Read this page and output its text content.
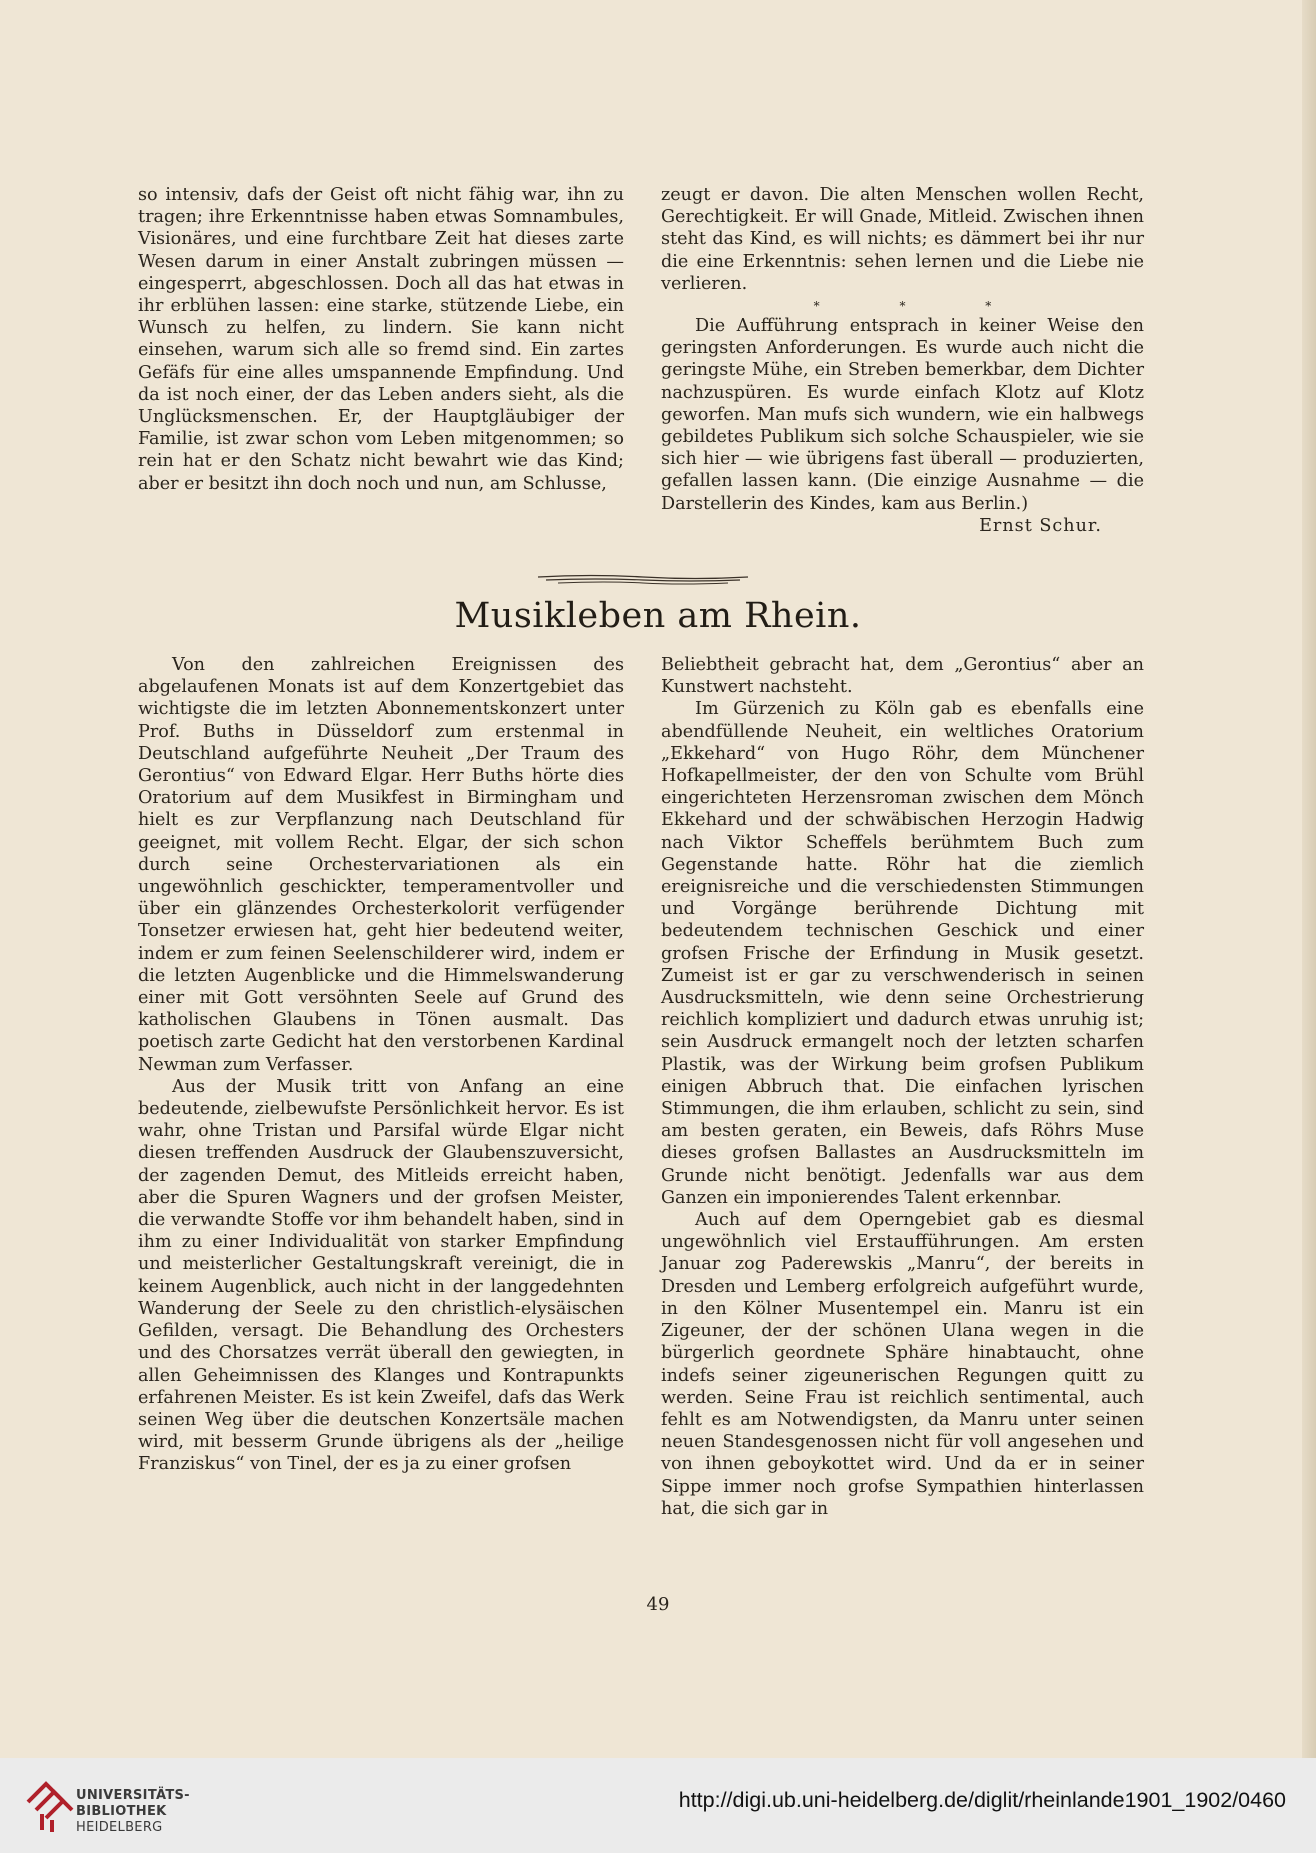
so intensiv, dafs der Geist oft nicht fähig war, ihn zu tragen; ihre Erkenntnisse haben etwas Somnambules, Visionäres, und eine furchtbare Zeit hat dieses zarte Wesen darum in einer Anstalt zubringen müssen — eingesperrt, abgeschlossen. Doch all das hat etwas in ihr erblühen lassen: eine starke, stützende Liebe, ein Wunsch zu helfen, zu lindern. Sie kann nicht einsehen, warum sich alle so fremd sind. Ein zartes Gefäfs für eine alles umspannende Empfindung. Und da ist noch einer, der das Leben anders sieht, als die Unglücksmenschen. Er, der Hauptgläubiger der Familie, ist zwar schon vom Leben mitgenommen; so rein hat er den Schatz nicht bewahrt wie das Kind; aber er besitzt ihn doch noch und nun, am Schlusse,

zeugt er davon. Die alten Menschen wollen Recht, Gerechtigkeit. Er will Gnade, Mitleid. Zwischen ihnen steht das Kind, es will nichts; es dämmert bei ihr nur die eine Erkenntnis: sehen lernen und die Liebe nie verlieren.

* * *

Die Aufführung entsprach in keiner Weise den geringsten Anforderungen. Es wurde auch nicht die geringste Mühe, ein Streben bemerkbar, dem Dichter nachzuspüren. Es wurde einfach Klotz auf Klotz geworfen. Man mufs sich wundern, wie ein halbwegs gebildetes Publikum sich solche Schauspieler, wie sie sich hier — wie übrigens fast überall — produzierten, gefallen lassen kann. (Die einzige Ausnahme — die Darstellerin des Kindes, kam aus Berlin.)

Ernst Schur.

Musikleben am Rhein.

Von den zahlreichen Ereignissen des abgelaufenen Monats ist auf dem Konzertgebiet das wichtigste die im letzten Abonnementskonzert unter Prof. Buths in Düsseldorf zum erstenmal in Deutschland aufgeführte Neuheit „Der Traum des Gerontius“ von Edward Elgar. Herr Buths hörte dies Oratorium auf dem Musikfest in Birmingham und hielt es zur Verpflanzung nach Deutschland für geeignet, mit vollem Recht. Elgar, der sich schon durch seine Orchestervariationen als ein ungewöhnlich geschickter, temperamentvoller und über ein glänzendes Orchesterkolorit verfügender Tonsetzer erwiesen hat, geht hier bedeutend weiter, indem er zum feinen Seelenschilderer wird, indem er die letzten Augenblicke und die Himmelswanderung einer mit Gott versöhnten Seele auf Grund des katholischen Glaubens in Tönen ausmalt. Das poetisch zarte Gedicht hat den verstorbenen Kardinal Newman zum Verfasser.

Aus der Musik tritt von Anfang an eine bedeutende, zielbewufste Persönlichkeit hervor. Es ist wahr, ohne Tristan und Parsifal würde Elgar nicht diesen treffenden Ausdruck der Glaubenszuversicht, der zagenden Demut, des Mitleids erreicht haben, aber die Spuren Wagners und der grofsen Meister, die verwandte Stoffe vor ihm behandelt haben, sind in ihm zu einer Individualität von starker Empfindung und meisterlicher Gestaltungskraft vereinigt, die in keinem Augenblick, auch nicht in der langgedehnten Wanderung der Seele zu den christlich-elysäischen Gefilden, versagt. Die Behandlung des Orchesters und des Chorsatzes verrät überall den gewiegten, in allen Geheimnissen des Klanges und Kontrapunkts erfahrenen Meister. Es ist kein Zweifel, dafs das Werk seinen Weg über die deutschen Konzertsäle machen wird, mit besserm Grunde übrigens als der „heilige Franziskus“ von Tinel, der es ja zu einer grofsen

Beliebtheit gebracht hat, dem „Gerontius“ aber an Kunstwert nachsteht.

Im Gürzenich zu Köln gab es ebenfalls eine abendfüllende Neuheit, ein weltliches Oratorium „Ekkehard“ von Hugo Röhr, dem Münchener Hofkapellmeister, der den von Schulte vom Brühl eingerichteten Herzensroman zwischen dem Mönch Ekkehard und der schwäbischen Herzogin Hadwig nach Viktor Scheffels berühmtem Buch zum Gegenstande hatte. Röhr hat die ziemlich ereignisreiche und die verschiedensten Stimmungen und Vorgänge berührende Dichtung mit bedeutendem technischen Geschick und einer grofsen Frische der Erfindung in Musik gesetzt. Zumeist ist er gar zu verschwenderisch in seinen Ausdrucksmitteln, wie denn seine Orchestrierung reichlich kompliziert und dadurch etwas unruhig ist; sein Ausdruck ermangelt noch der letzten scharfen Plastik, was der Wirkung beim grofsen Publikum einigen Abbruch that. Die einfachen lyrischen Stimmungen, die ihm erlauben, schlicht zu sein, sind am besten geraten, ein Beweis, dafs Röhrs Muse dieses grofsen Ballastes an Ausdrucksmitteln im Grunde nicht benötigt. Jedenfalls war aus dem Ganzen ein imponierendes Talent erkennbar.

Auch auf dem Operngebiet gab es diesmal ungewöhnlich viel Erstaufführungen. Am ersten Januar zog Paderewskis „Manru“, der bereits in Dresden und Lemberg erfolgreich aufgeführt wurde, in den Kölner Musentempel ein. Manru ist ein Zigeuner, der der schönen Ulana wegen in die bürgerlich geordnete Sphäre hinabtaucht, ohne indefs seiner zigeunerischen Regungen quitt zu werden. Seine Frau ist reichlich sentimental, auch fehlt es am Notwendigsten, da Manru unter seinen neuen Standesgenossen nicht für voll angesehen und von ihnen geboykottet wird. Und da er in seiner Sippe immer noch grofse Sympathien hinterlassen hat, die sich gar in

49
UNIVERSITÄTS-
BIBLIOTHEK
HEIDELBERG
http://digi.ub.uni-heidelberg.de/diglit/rheinlande1901_1902/0460
